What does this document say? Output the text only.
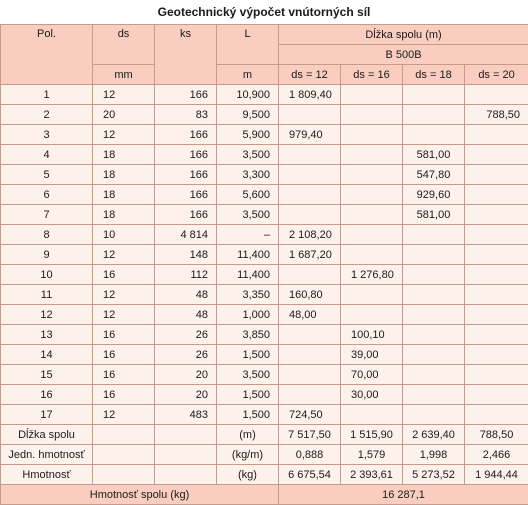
Geotechnický výpočet vnútorných síl
Pol.	ds	ks	L	Dĺžka spolu (m)			
				B 500B			
	mm		m	ds = 12	ds = 16	ds = 18	ds = 20
1	12	166	10,900	1 809,40			
2	20	83	9,500				788,50
3	12	166	5,900	979,40			
4	18	166	3,500			581,00	
5	18	166	3,300			547,80	
6	18	166	5,600			929,60	
7	18	166	3,500			581,00	
8	10	4 814	–	2 108,20			
9	12	148	11,400	1 687,20			
10	16	112	11,400		1 276,80		
11	12	48	3,350	160,80			
12	12	48	1,000	48,00			
13	16	26	3,850		100,10		
14	16	26	1,500		39,00		
15	16	20	3,500		70,00		
16	16	20	1,500		30,00		
17	12	483	1,500	724,50			
Dĺžka spolu			(m)	7 517,50	1 515,90	2 639,40	788,50
Jedn. hmotnosť			(kg/m)	0,888	1,579	1,998	2,466
Hmotnosť			(kg)	6 675,54	2 393,61	5 273,52	1 944,44
Hmotnosť spolu (kg)				16 287,1			
